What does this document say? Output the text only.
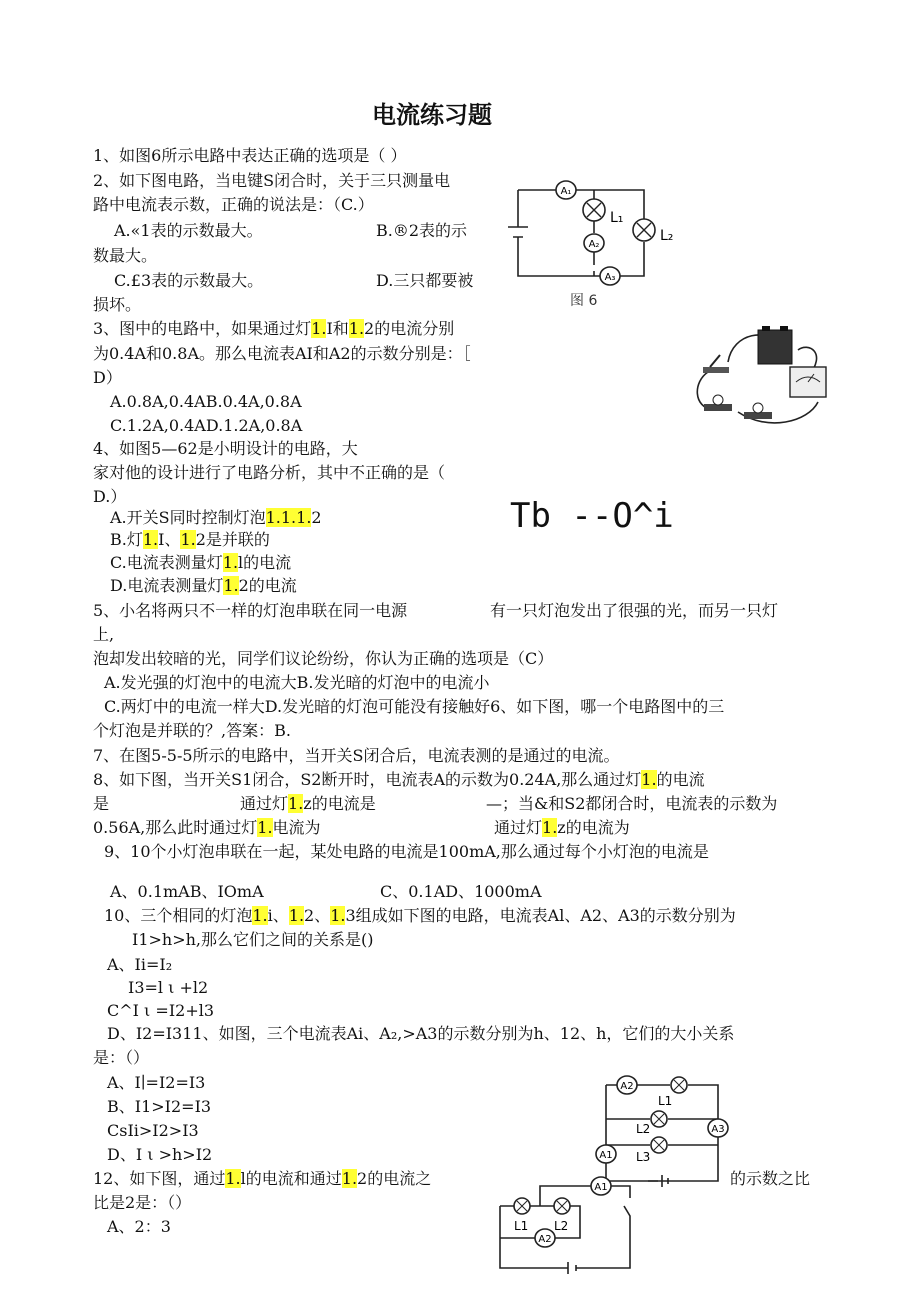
电流练习题
1、如图6所示电路中表达正确的选项是（ ）
2、如下图电路，当电键S闭合时，关于三只测量电
路中电流表示数，正确的说法是：（C.）
A.«1表的示数最大。	B.®2表的示
数最大。
C.£3表的示数最大。	D.三只都要被
损坏。
3、图中的电路中，如果通过灯1.I和1.2的电流分别
为0.4A和0.8A。那么电流表AI和A2的示数分别是：［
D）
A.0.8A,0.4AB.0.4A,0.8A
C.1.2A,0.4AD.1.2A,0.8A
4、如图5—62是小明设计的电路，大
家对他的设计进行了电路分析，其中不正确的是（
D.）
A.开关S同时控制灯泡1.1.1.2
B.灯1.I、1.2是并联的
C.电流表测量灯1.l的电流
D.电流表测量灯1.2的电流
Tb --O^i
5、小名将两只不一样的灯泡串联在同一电源	有一只灯泡发出了很强的光，而另一只灯
上,
泡却发出较暗的光，同学们议论纷纷，你认为正确的选项是（C）
A.发光强的灯泡中的电流大B.发光暗的灯泡中的电流小
C.两灯中的电流一样大D.发光暗的灯泡可能没有接触好6、如下图，哪一个电路图中的三
个灯泡是并联的？,答案：B.
7、在图5-5-5所示的电路中，当开关S闭合后，电流表测的是通过的电流。
8、如下图，当开关S1闭合，S2断开时，电流表A的示数为0.24A,那么通过灯1.的电流
是	通过灯1.z的电流是	—；当&和S2都闭合时，电流表的示数为
0.56A,那么此时通过灯1.电流为	通过灯1.z的电流为
9、10个小灯泡串联在一起，某处电路的电流是100mA,那么通过每个小灯泡的电流是
A、0.1mAB、IOmA	C、0.1AD、1000mA
10、三个相同的灯泡1.i、1.2、1.3组成如下图的电路，电流表Al、A2、A3的示数分别为
I1>h>h,那么它们之间的关系是()
A、Ii=I₂
I3=l ι +l2
C^I ι =I2+l3
D、I2=I311、如图，三个电流表Ai、A₂,>A3的示数分别为h、12、h，它们的大小关系
是：（）
A、I∣=I2=I3
B、I1>I2=I3
CsIi>I2>I3
D、I ι >h>I2
12、如下图，通过1.l的电流和通过1.2的电流之	的示数之比
比是2是：（）
A、2：3
A₁
L₁
A₂
L₂
A₃
图 6
A2
L1
L2
L3
A3
A1
A1
L1 L2
A2
